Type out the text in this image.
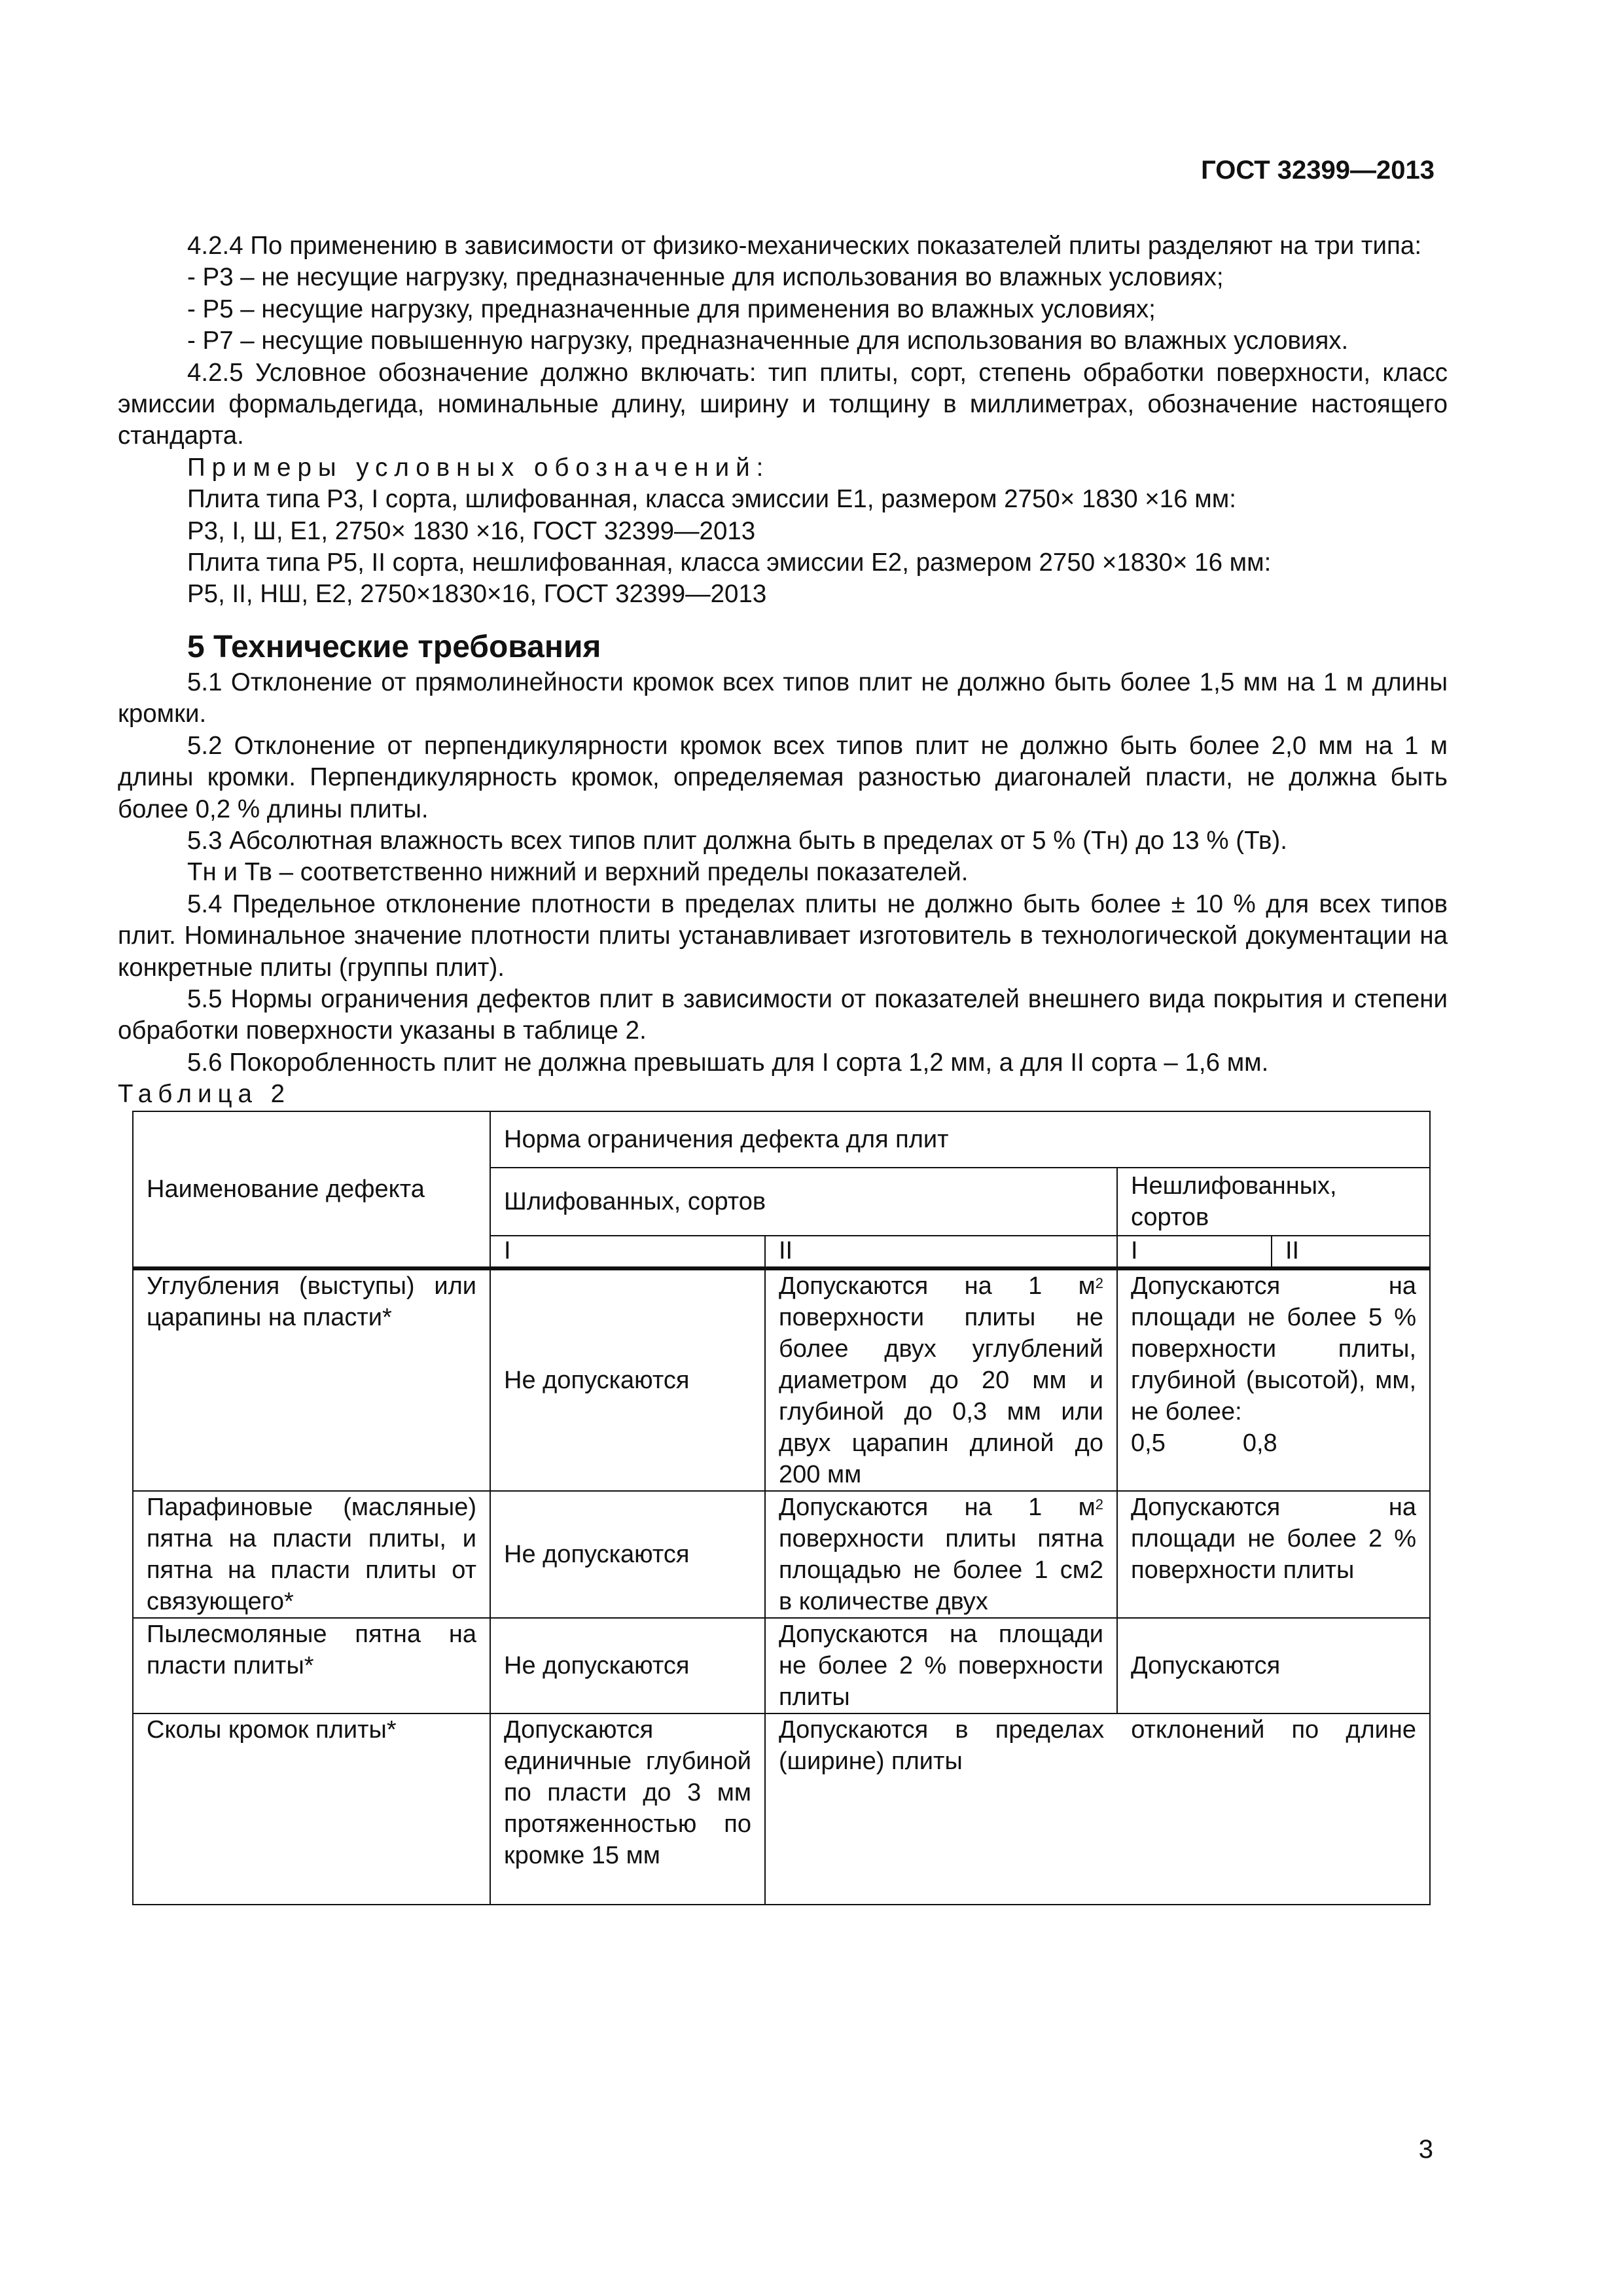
ГОСТ 32399—2013

4.2.4 По применению в зависимости от физико-механических показателей плиты разделяют на три типа:

- Р3 – не несущие нагрузку, предназначенные для использования во влажных условиях;

- Р5 – несущие нагрузку, предназначенные для применения во влажных условиях;

- Р7 – несущие повышенную нагрузку, предназначенные для использования во влажных условиях.

4.2.5 Условное обозначение должно включать: тип плиты, сорт, степень обработки поверхности, класс эмиссии формальдегида, номинальные длину, ширину и толщину в миллиметрах, обозначение настоящего стандарта.

Примеры условных обозначений:

Плита типа Р3, I сорта, шлифованная, класса эмиссии Е1, размером 2750× 1830 ×16 мм:

Р3, I, Ш, Е1, 2750× 1830 ×16, ГОСТ 32399—2013

Плита типа Р5, II сорта, нешлифованная, класса эмиссии Е2, размером 2750 ×1830× 16 мм:

Р5, II, НШ, Е2, 2750×1830×16, ГОСТ 32399—2013

5 Технические требования

5.1 Отклонение от прямолинейности кромок всех типов плит не должно быть более 1,5 мм на 1 м длины кромки.

5.2 Отклонение от перпендикулярности кромок всех типов плит не должно быть более 2,0 мм на 1 м длины кромки. Перпендикулярность кромок, определяемая разностью диагоналей пласти, не должна быть более 0,2 % длины плиты.

5.3 Абсолютная влажность всех типов плит должна быть в пределах от 5 % (Тн) до 13 % (Тв).

Тн и Тв – соответственно нижний и верхний пределы показателей.

5.4 Предельное отклонение плотности в пределах плиты не должно быть более ± 10 % для всех типов плит. Номинальное значение плотности плиты устанавливает изготовитель в технологической документации на конкретные плиты (группы плит).

5.5 Нормы ограничения дефектов плит в зависимости от показателей внешнего вида покрытия и степени обработки поверхности указаны в таблице 2.

5.6 Покоробленность плит не должна превышать для I сорта 1,2 мм, а для II сорта – 1,6 мм.

Таблица 2

Наименование дефекта	Норма ограничения дефекта для плит			
	Шлифованных, сортов		Нешлифованных, сортов	
	I	II	I	II
Углубления (выступы) или царапины на пласти*	Не допускаются	Допускаются на 1 $м^2$ поверхности плиты не более двух углублений диаметром до 20 мм и глубиной до 0,3 мм или двух царапин длиной до 200 мм	Допускаются на площади не более 5 % поверхности плиты, глубиной (высотой), мм, не более:
0,5 0,8	

Парафиновые (масляные) пятна на пласти плиты, и пятна на пласти плиты от связующего*	Не допускаются	Допускаются на 1 $м^2$ поверхности плиты пятна площадью не более 1 см2 в количестве двух	Допускаются на площади не более 2 % поверхности плиты	
Пылесмоляные пятна на пласти плиты*	Не допускаются	Допускаются на площади не более 2 % поверхности плиты	Допускаются	
Сколы кромок плиты*	Допускаются единичные глубиной по пласти до 3 мм протяженностью по кромке 15 мм	Допускаются в пределах отклонений по длине (ширине) плиты		
3
